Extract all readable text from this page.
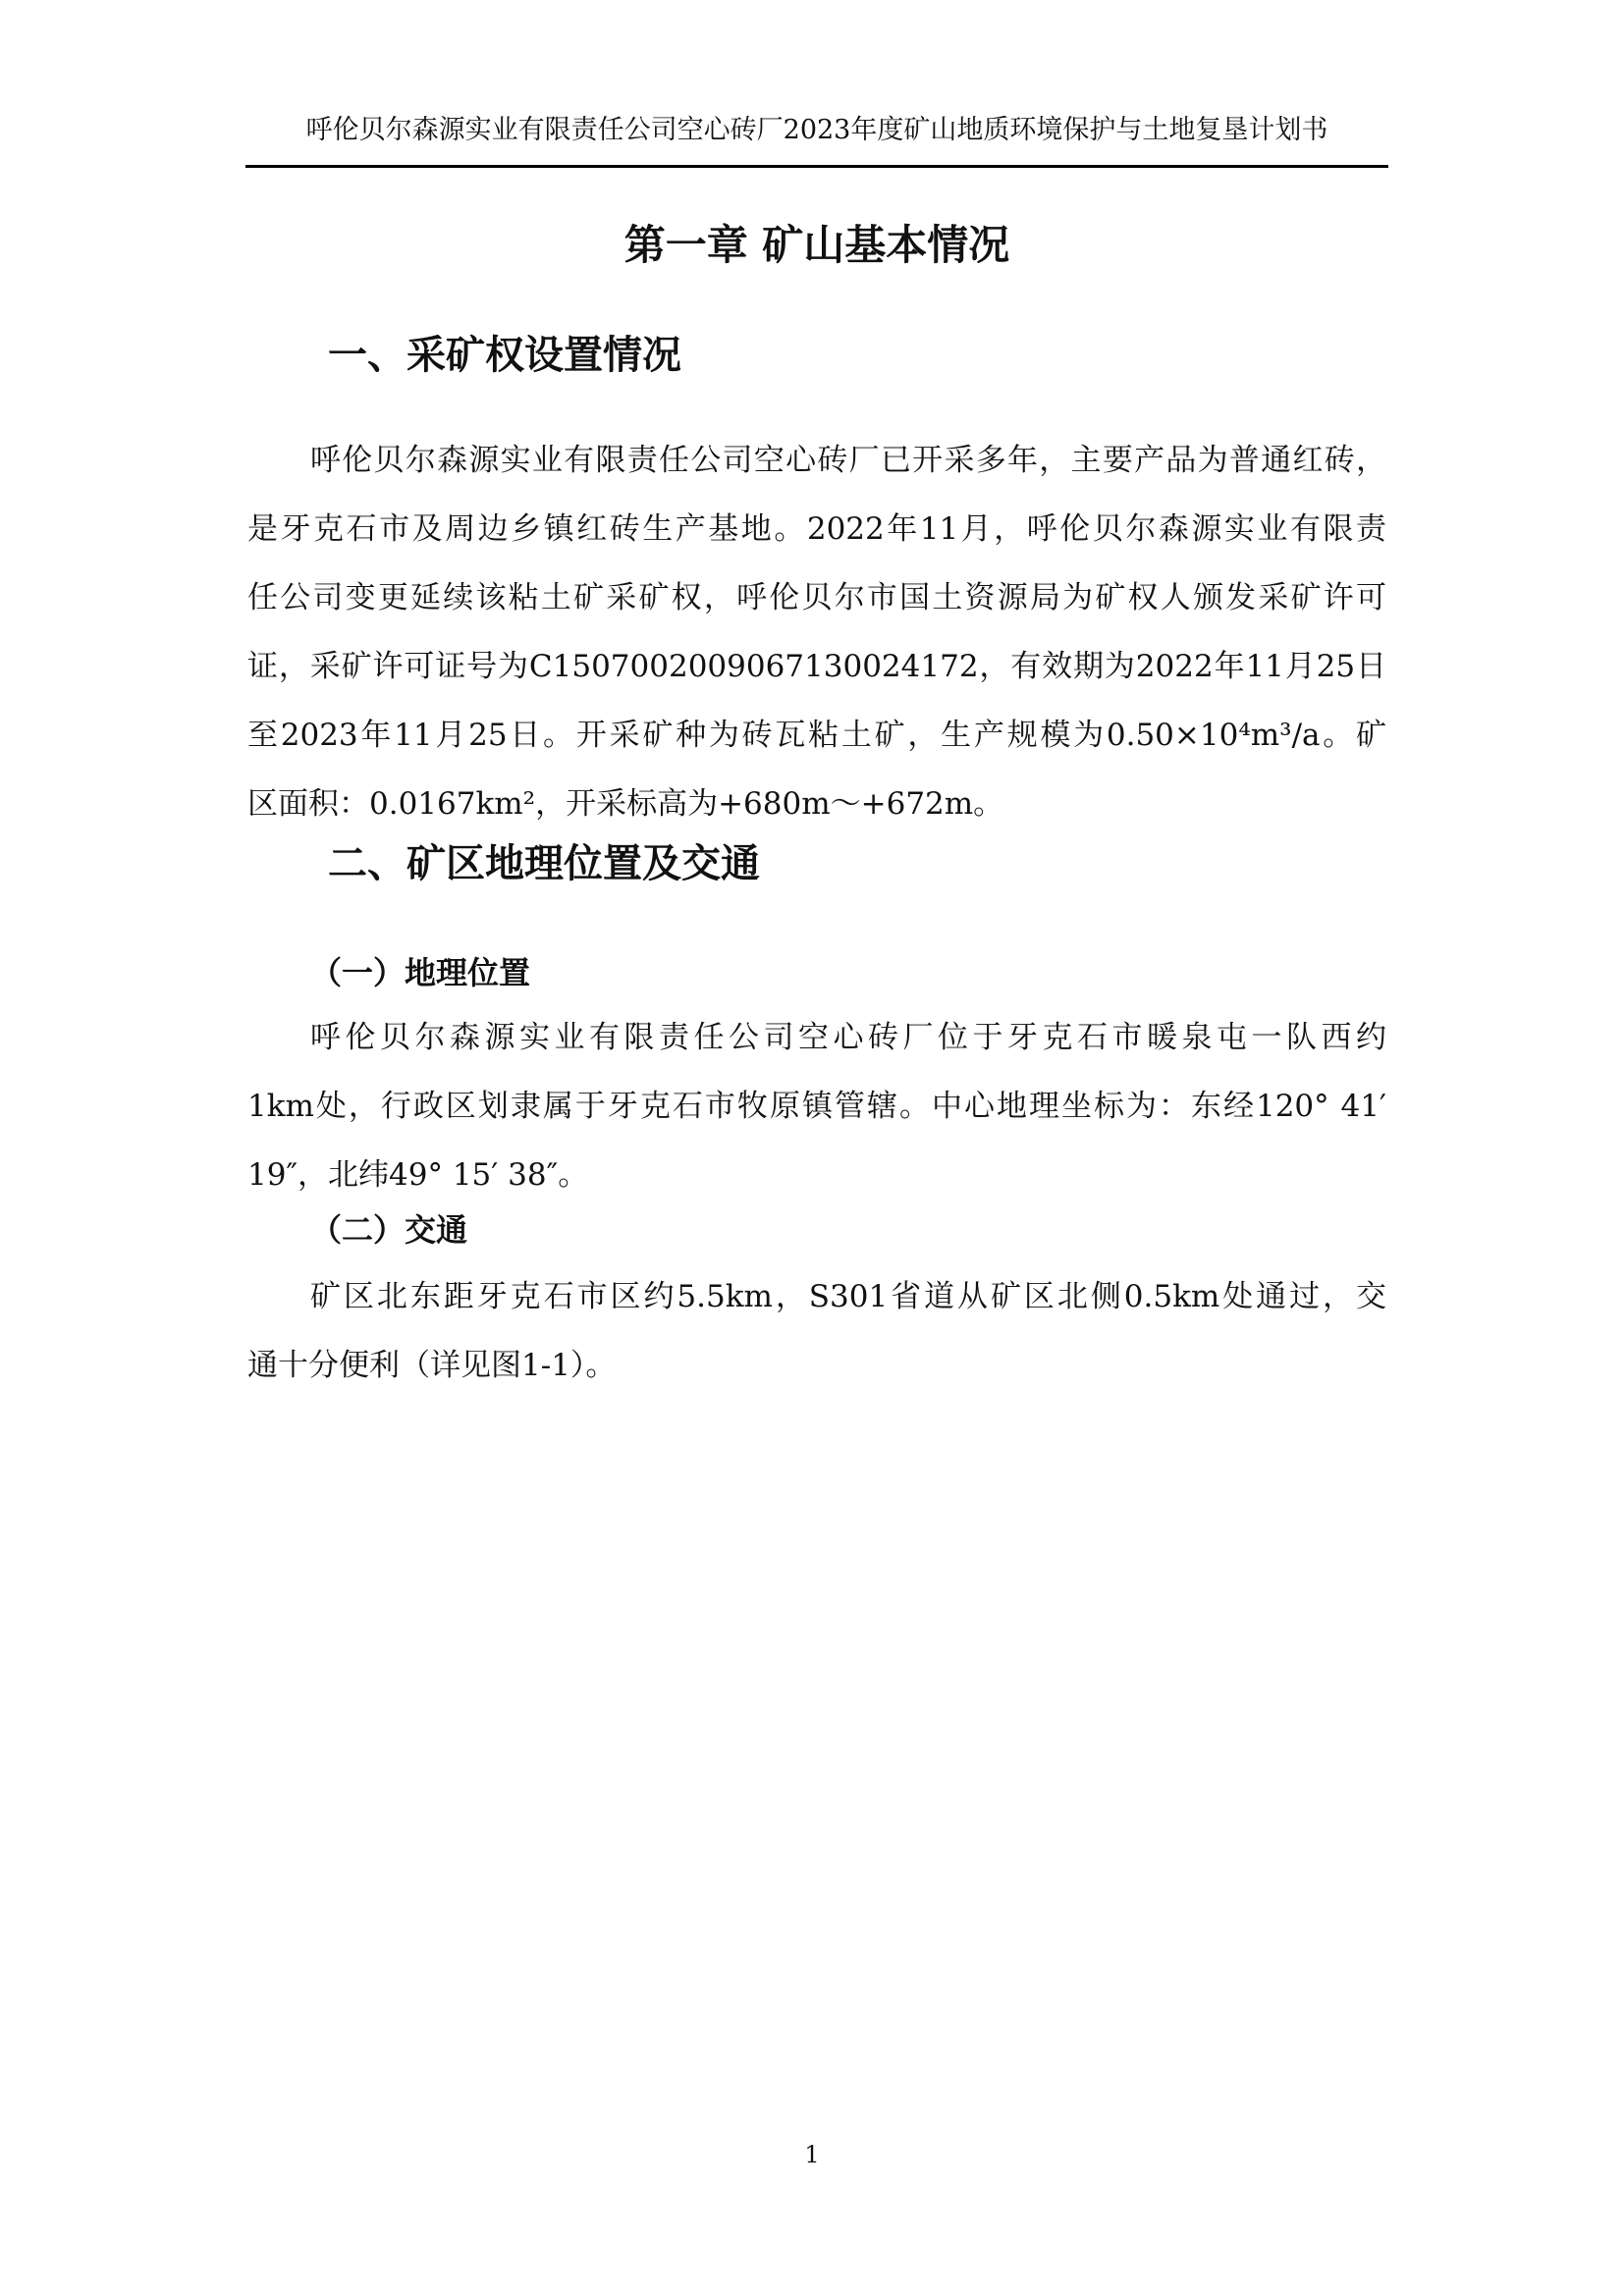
呼伦贝尔森源实业有限责任公司空心砖厂2023年度矿山地质环境保护与土地复垦计划书
第一章 矿山基本情况
一、采矿权设置情况
呼伦贝尔森源实业有限责任公司空心砖厂已开采多年，主要产品为普通红砖，
是牙克石市及周边乡镇红砖生产基地。2022年11月，呼伦贝尔森源实业有限责
任公司变更延续该粘土矿采矿权，呼伦贝尔市国土资源局为矿权人颁发采矿许可
证，采矿许可证号为C1507002009067130024172，有效期为2022年11月25日
至2023年11月25日。开采矿种为砖瓦粘土矿，生产规模为0.50×10⁴m³/a。矿
区面积：0.0167km²，开采标高为+680m～+672m。
二、矿区地理位置及交通
（一）地理位置
呼伦贝尔森源实业有限责任公司空心砖厂位于牙克石市暖泉屯一队西约
1km处，行政区划隶属于牙克石市牧原镇管辖。中心地理坐标为：东经120° 41′
19″，北纬49° 15′ 38″。
（二）交通
矿区北东距牙克石市区约5.5km，S301省道从矿区北侧0.5km处通过，交
通十分便利（详见图1-1）。
1
